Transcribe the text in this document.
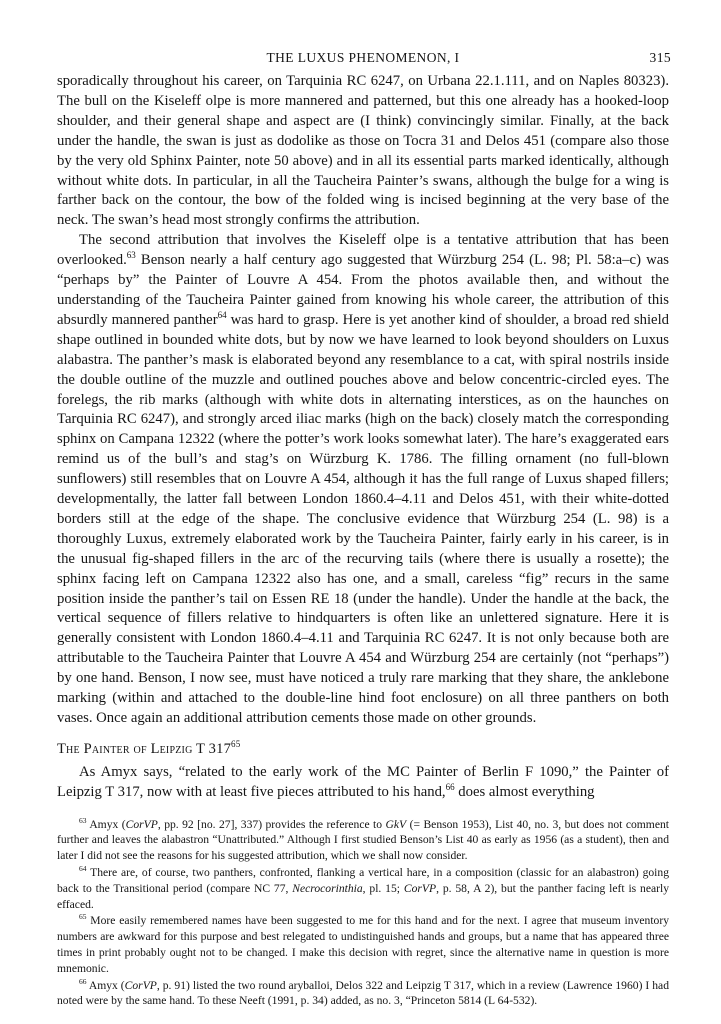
THE LUXUS PHENOMENON, I	315

sporadically throughout his career, on Tarquinia RC 6247, on Urbana 22.1.111, and on Naples 80323). The bull on the Kiseleff olpe is more mannered and patterned, but this one already has a hooked-loop shoulder, and their general shape and aspect are (I think) convincingly similar. Finally, at the back under the handle, the swan is just as dodolike as those on Tocra 31 and Delos 451 (compare also those by the very old Sphinx Painter, note 50 above) and in all its essential parts marked identically, although without white dots. In particular, in all the Taucheira Painter’s swans, although the bulge for a wing is farther back on the contour, the bow of the folded wing is incised beginning at the very base of the neck. The swan’s head most strongly confirms the attribution.

The second attribution that involves the Kiseleff olpe is a tentative attribution that has been overlooked.$^{63}$ Benson nearly a half century ago suggested that Würzburg 254 (L. 98; Pl. 58:a–c) was “perhaps by” the Painter of Louvre A 454. From the photos available then, and without the understanding of the Taucheira Painter gained from knowing his whole career, the attribution of this absurdly mannered panther$^{64}$ was hard to grasp. Here is yet another kind of shoulder, a broad red shield shape outlined in bounded white dots, but by now we have learned to look beyond shoulders on Luxus alabastra. The panther’s mask is elaborated beyond any resemblance to a cat, with spiral nostrils inside the double outline of the muzzle and outlined pouches above and below concentric-circled eyes. The forelegs, the rib marks (although with white dots in alternating interstices, as on the haunches on Tarquinia RC 6247), and strongly arced iliac marks (high on the back) closely match the corresponding sphinx on Campana 12322 (where the potter’s work looks somewhat later). The hare’s exaggerated ears remind us of the bull’s and stag’s on Würzburg K. 1786. The filling ornament (no full-blown sunflowers) still resembles that on Louvre A 454, although it has the full range of Luxus shaped fillers; developmentally, the latter fall between London 1860.4–4.11 and Delos 451, with their white-dotted borders still at the edge of the shape. The conclusive evidence that Würzburg 254 (L. 98) is a thoroughly Luxus, extremely elaborated work by the Taucheira Painter, fairly early in his career, is in the unusual fig-shaped fillers in the arc of the recurving tails (where there is usually a rosette); the sphinx facing left on Campana 12322 also has one, and a small, careless “fig” recurs in the same position inside the panther’s tail on Essen RE 18 (under the handle). Under the handle at the back, the vertical sequence of fillers relative to hindquarters is often like an unlettered signature. Here it is generally consistent with London 1860.4–4.11 and Tarquinia RC 6247. It is not only because both are attributable to the Taucheira Painter that Louvre A 454 and Würzburg 254 are certainly (not “perhaps”) by one hand. Benson, I now see, must have noticed a truly rare marking that they share, the anklebone marking (within and attached to the double-line hind foot enclosure) on all three panthers on both vases. Once again an additional attribution cements those made on other grounds.

The Painter of Leipzig T $317^{65}$

As Amyx says, “related to the early work of the MC Painter of Berlin F 1090,” the Painter of Leipzig T 317, now with at least five pieces attributed to his hand,$^{66}$ does almost everything

$^{63}$ Amyx (CorVP, pp. 92 [no. 27], 337) provides the reference to GkV (= Benson 1953), List 40, no. 3, but does not comment further and leaves the alabastron “Unattributed.” Although I first studied Benson’s List 40 as early as 1956 (as a student), then and later I did not see the reasons for his suggested attribution, which we shall now consider.

$^{64}$ There are, of course, two panthers, confronted, flanking a vertical hare, in a composition (classic for an alabastron) going back to the Transitional period (compare NC 77, Necrocorinthia, pl. 15; CorVP, p. 58, A 2), but the panther facing left is nearly effaced.

$^{65}$ More easily remembered names have been suggested to me for this hand and for the next. I agree that museum inventory numbers are awkward for this purpose and best relegated to undistinguished hands and groups, but a name that has appeared three times in print probably ought not to be changed. I make this decision with regret, since the alternative name in question is more mnemonic.

$^{66}$ Amyx (CorVP, p. 91) listed the two round aryballoi, Delos 322 and Leipzig T 317, which in a review (Lawrence 1960) I had noted were by the same hand. To these Neeft (1991, p. 34) added, as no. 3, “Princeton 5814 (L 64-532).
